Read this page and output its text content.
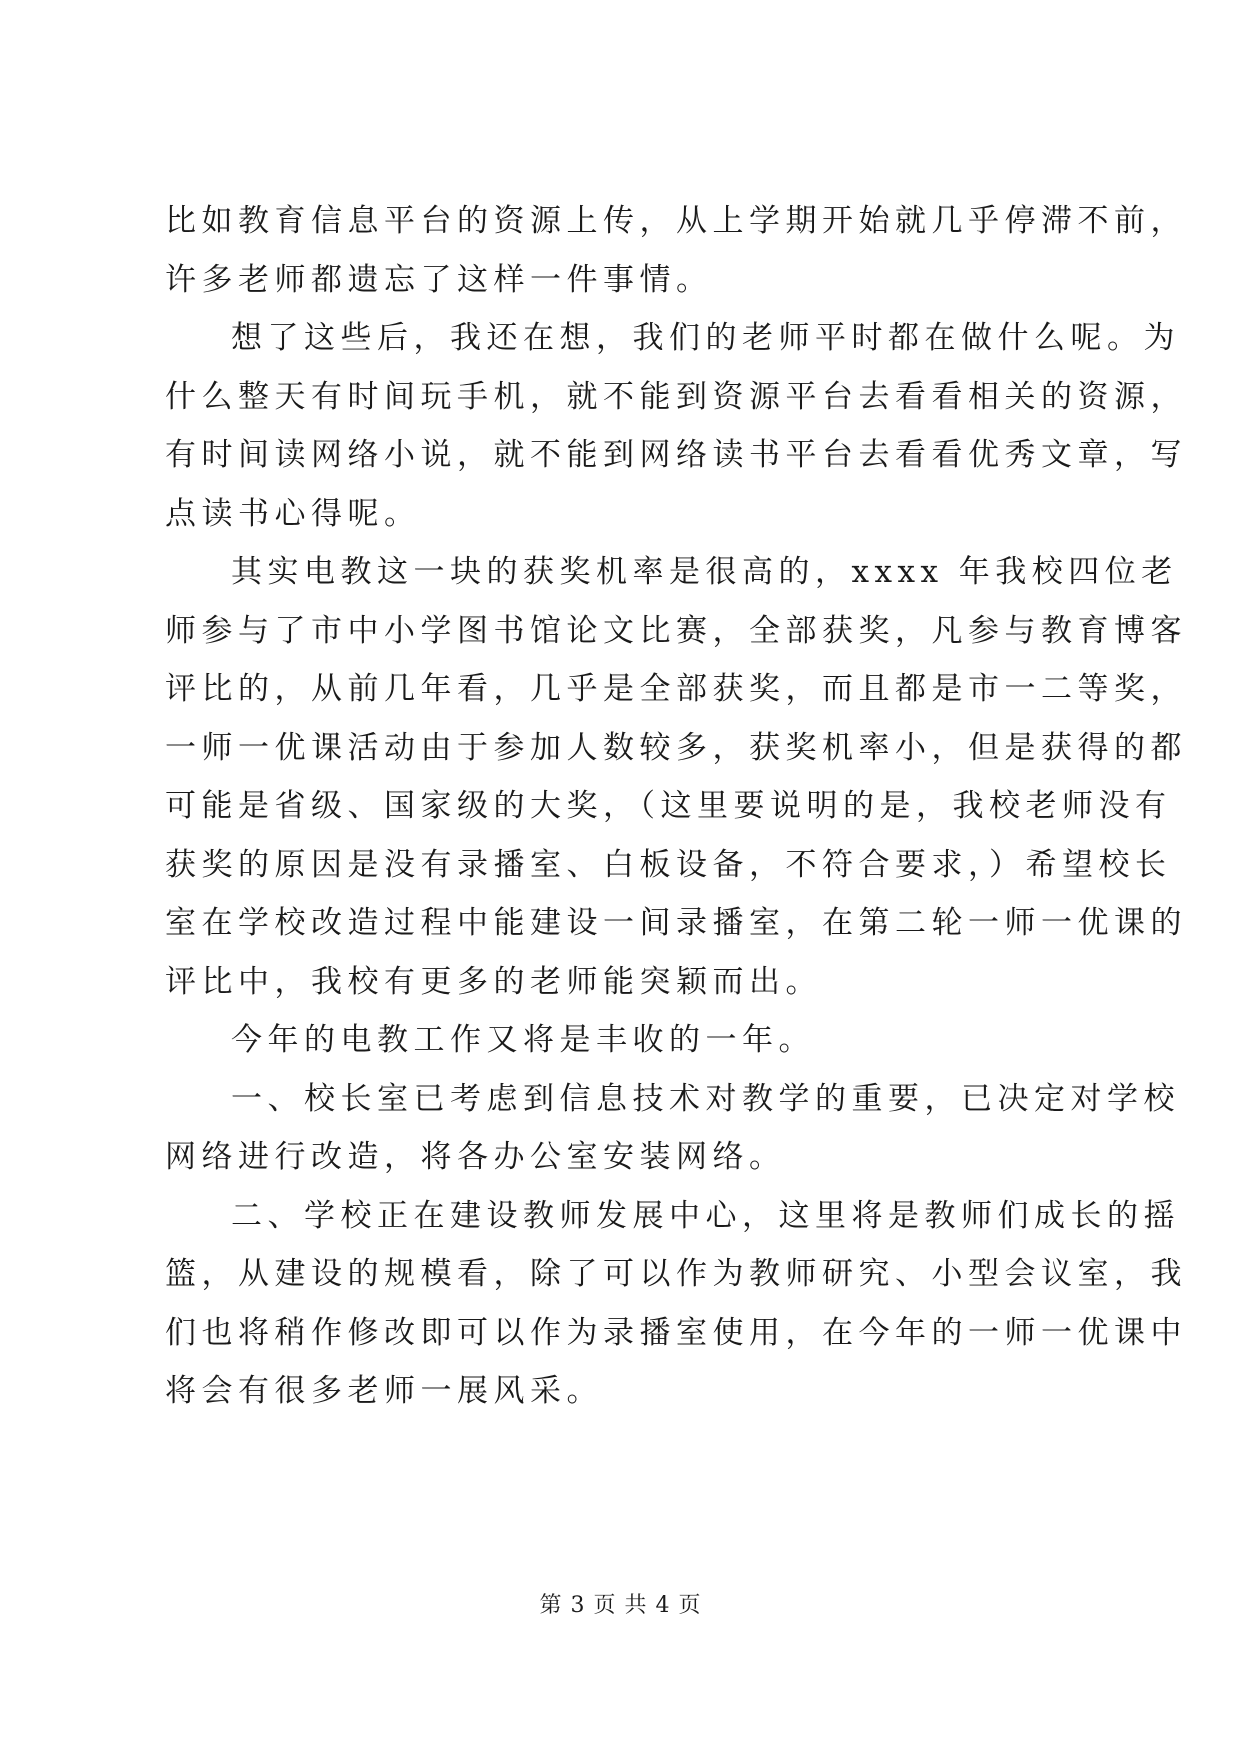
比如教育信息平台的资源上传，从上学期开始就几乎停滞不前，
许多老师都遗忘了这样一件事情。
想了这些后，我还在想，我们的老师平时都在做什么呢。为
什么整天有时间玩手机，就不能到资源平台去看看相关的资源，
有时间读网络小说，就不能到网络读书平台去看看优秀文章，写
点读书心得呢。
其实电教这一块的获奖机率是很高的，xxxx 年我校四位老
师参与了市中小学图书馆论文比赛，全部获奖，凡参与教育博客
评比的，从前几年看，几乎是全部获奖，而且都是市一二等奖，
一师一优课活动由于参加人数较多，获奖机率小，但是获得的都
可能是省级、国家级的大奖，（这里要说明的是，我校老师没有
获奖的原因是没有录播室、白板设备，不符合要求，）希望校长
室在学校改造过程中能建设一间录播室，在第二轮一师一优课的
评比中，我校有更多的老师能突颖而出。
今年的电教工作又将是丰收的一年。
一、校长室已考虑到信息技术对教学的重要，已决定对学校
网络进行改造，将各办公室安装网络。
二、学校正在建设教师发展中心，这里将是教师们成长的摇
篮，从建设的规模看，除了可以作为教师研究、小型会议室，我
们也将稍作修改即可以作为录播室使用，在今年的一师一优课中
将会有很多老师一展风采。
第 3 页 共 4 页
